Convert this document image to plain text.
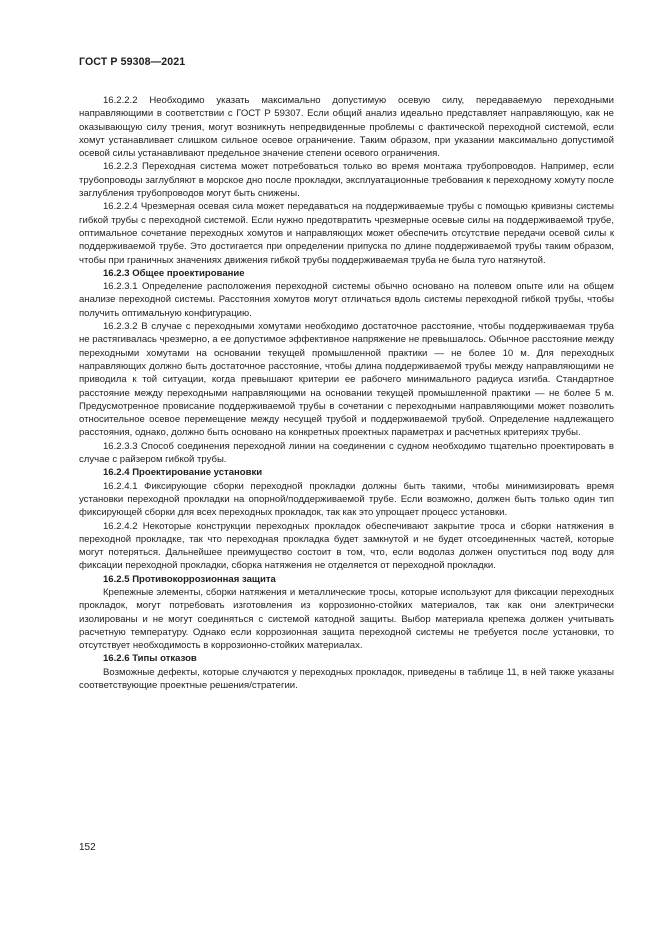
ГОСТ Р 59308—2021

16.2.2.2 Необходимо указать максимально допустимую осевую силу, передаваемую переходными направляющими в соответствии с ГОСТ Р 59307. Если общий анализ идеально представляет направляющую, как не оказывающую силу трения, могут возникнуть непредвиденные проблемы с фактической переходной системой, если хомут устанавливает слишком сильное осевое ограничение. Таким образом, при указании максимально допустимой осевой силы устанавливают предельное значение степени осевого ограничения.

16.2.2.3 Переходная система может потребоваться только во время монтажа трубопроводов. Например, если трубопроводы заглубляют в морское дно после прокладки, эксплуатационные требования к переходному хомуту после заглубления трубопроводов могут быть снижены.

16.2.2.4 Чрезмерная осевая сила может передаваться на поддерживаемые трубы с помощью кривизны системы гибкой трубы с переходной системой. Если нужно предотвратить чрезмерные осевые силы на поддерживаемой трубе, оптимальное сочетание переходных хомутов и направляющих может обеспечить отсутствие передачи осевой силы к поддерживаемой трубе. Это достигается при определении припуска по длине поддерживаемой трубы таким образом, чтобы при граничных значениях движения гибкой трубы поддерживаемая труба не была туго натянутой.

16.2.3 Общее проектирование

16.2.3.1 Определение расположения переходной системы обычно основано на полевом опыте или на общем анализе переходной системы. Расстояния хомутов могут отличаться вдоль системы переходной гибкой трубы, чтобы получить оптимальную конфигурацию.

16.2.3.2 В случае с переходными хомутами необходимо достаточное расстояние, чтобы поддерживаемая труба не растягивалась чрезмерно, а ее допустимое эффективное напряжение не превышалось. Обычное расстояние между переходными хомутами на основании текущей промышленной практики — не более 10 м. Для переходных направляющих должно быть достаточное расстояние, чтобы длина поддерживаемой трубы между направляющими не приводила к той ситуации, когда превышают критерии ее рабочего минимального радиуса изгиба. Стандартное расстояние между переходными направляющими на основании текущей промышленной практики — не более 5 м. Предусмотренное провисание поддерживаемой трубы в сочетании с переходными направляющими может позволить относительное осевое перемещение между несущей трубой и поддерживаемой трубой. Определение надлежащего расстояния, однако, должно быть основано на конкретных проектных параметрах и расчетных критериях трубы.

16.2.3.3 Способ соединения переходной линии на соединении с судном необходимо тщательно проектировать в случае с райзером гибкой трубы.

16.2.4 Проектирование установки

16.2.4.1 Фиксирующие сборки переходной прокладки должны быть такими, чтобы минимизировать время установки переходной прокладки на опорной/поддерживаемой трубе. Если возможно, должен быть только один тип фиксирующей сборки для всех переходных прокладок, так как это упрощает процесс установки.

16.2.4.2 Некоторые конструкции переходных прокладок обеспечивают закрытие троса и сборки натяжения в переходной прокладке, так что переходная прокладка будет замкнутой и не будет отсоединенных частей, которые могут потеряться. Дальнейшее преимущество состоит в том, что, если водолаз должен опуститься под воду для фиксации переходной прокладки, сборка натяжения не отделяется от переходной прокладки.

16.2.5 Противокоррозионная защита

Крепежные элементы, сборки натяжения и металлические тросы, которые используют для фиксации переходных прокладок, могут потребовать изготовления из коррозионно-стойких материалов, так как они электрически изолированы и не могут соединяться с системой катодной защиты. Выбор материала крепежа должен учитывать расчетную температуру. Однако если коррозионная защита переходной системы не требуется после установки, то отсутствует необходимость в коррозионно-стойких материалах.

16.2.6 Типы отказов

Возможные дефекты, которые случаются у переходных прокладок, приведены в таблице 11, в ней также указаны соответствующие проектные решения/стратегии.

152
